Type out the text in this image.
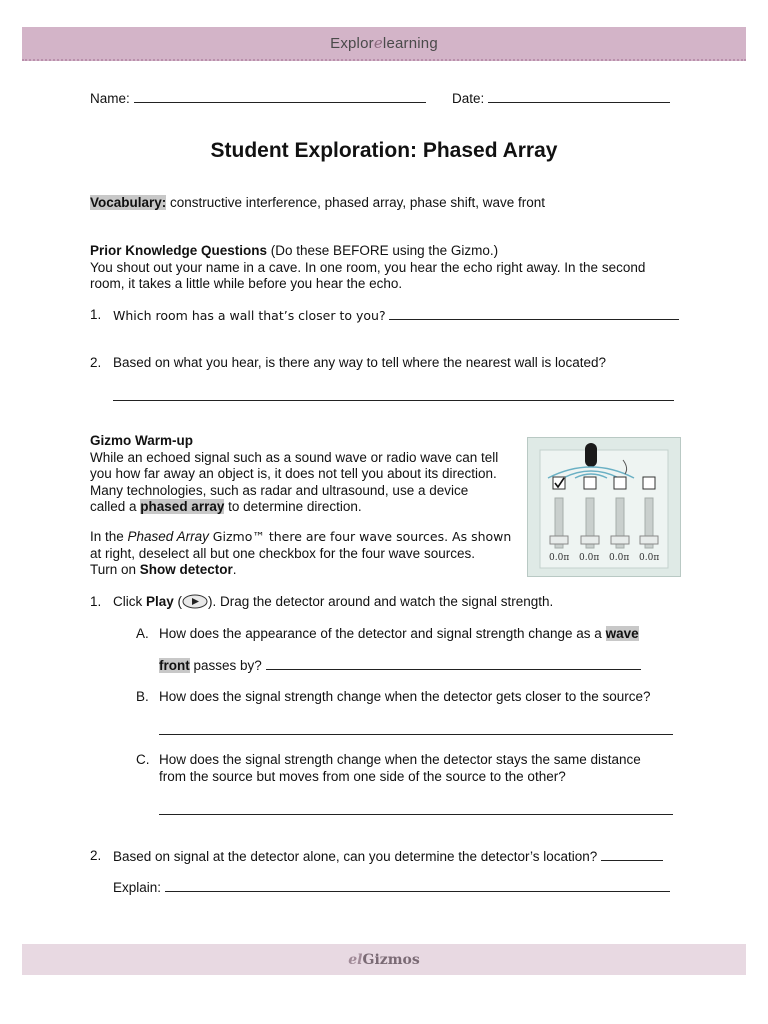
Explorelearning
Name:	Date:
Student Exploration: Phased Array
Vocabulary: constructive interference, phased array, phase shift, wave front
Prior Knowledge Questions (Do these BEFORE using the Gizmo.)
You shout out your name in a cave. In one room, you hear the echo right away. In the second
room, it takes a little while before you hear the echo.
1. Which room has a wall that’s closer to you?
2. Based on what you hear, is there any way to tell where the nearest wall is located?
Gizmo Warm-up
While an echoed signal such as a sound wave or radio wave can tell
you how far away an object is, it does not tell you about its direction.
Many technologies, such as radar and ultrasound, use a device
called a phased array to determine direction.
In the Phased Array Gizmo™ there are four wave sources. As shown
at right, deselect all but one checkbox for the four wave sources.
Turn on Show detector.
0.0π 0.0π 0.0π 0.0π
1. Click Play ( ). Drag the detector around and watch the signal strength.
A. How does the appearance of the detector and signal strength change as a wave
front passes by?
B. How does the signal strength change when the detector gets closer to the source?
C. How does the signal strength change when the detector stays the same distance
from the source but moves from one side of the source to the other?
2. Based on signal at the detector alone, can you determine the detector’s location?
Explain:
elGizmos
